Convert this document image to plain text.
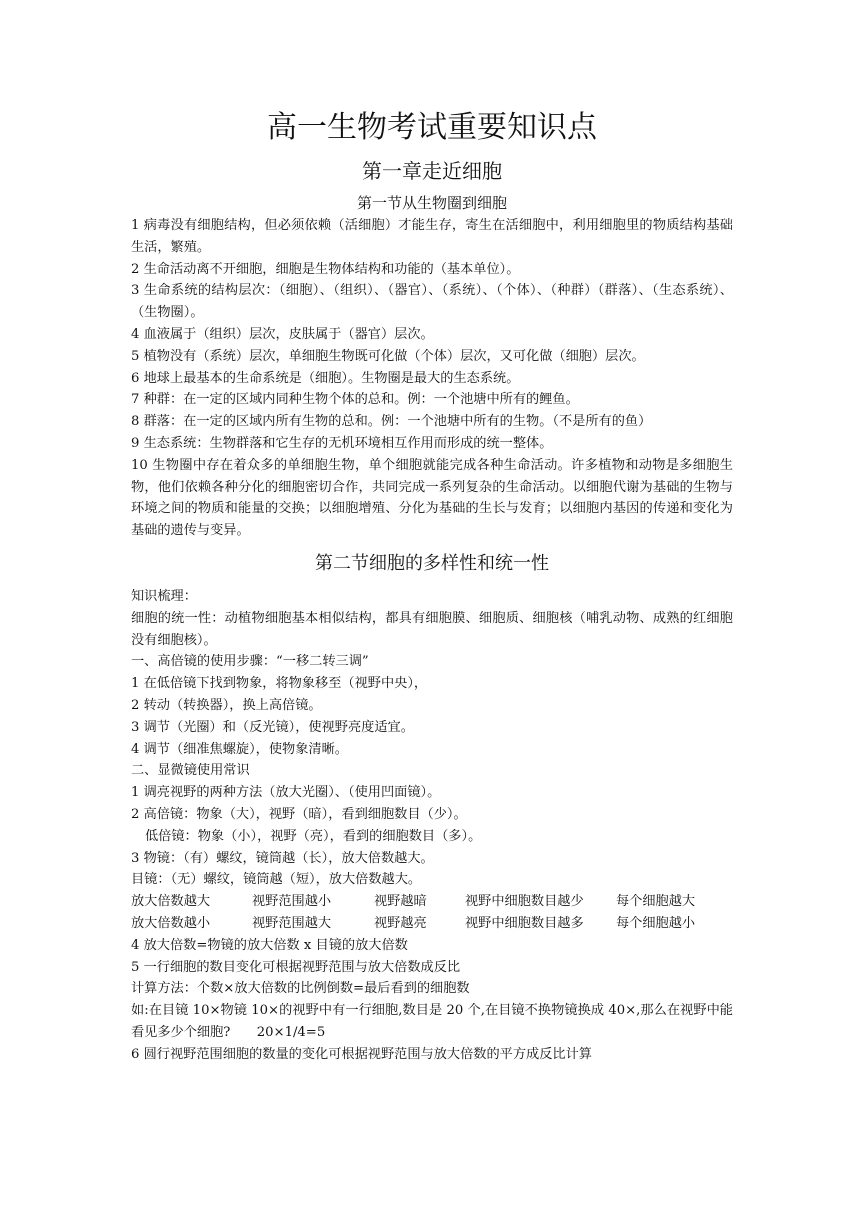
高一生物考试重要知识点
第一章走近细胞
第一节从生物圈到细胞

1 病毒没有细胞结构，但必须依赖（活细胞）才能生存，寄生在活细胞中，利用细胞里的物质结构基础生活，繁殖。

2 生命活动离不开细胞，细胞是生物体结构和功能的（基本单位）。

3 生命系统的结构层次：（细胞）、（组织）、（器官）、（系统）、（个体）、（种群）（群落）、（生态系统）、（生物圈）。

4 血液属于（组织）层次，皮肤属于（器官）层次。

5 植物没有（系统）层次，单细胞生物既可化做（个体）层次，又可化做（细胞）层次。

6 地球上最基本的生命系统是（细胞）。生物圈是最大的生态系统。

7 种群：在一定的区域内同种生物个体的总和。例：一个池塘中所有的鲤鱼。

8 群落：在一定的区域内所有生物的总和。例：一个池塘中所有的生物。（不是所有的鱼）

9 生态系统：生物群落和它生存的无机环境相互作用而形成的统一整体。

10 生物圈中存在着众多的单细胞生物，单个细胞就能完成各种生命活动。许多植物和动物是多细胞生物，他们依赖各种分化的细胞密切合作，共同完成一系列复杂的生命活动。以细胞代谢为基础的生物与环境之间的物质和能量的交换；以细胞增殖、分化为基础的生长与发育；以细胞内基因的传递和变化为基础的遗传与变异。

第二节细胞的多样性和统一性

知识梳理：

细胞的统一性：动植物细胞基本相似结构，都具有细胞膜、细胞质、细胞核（哺乳动物、成熟的红细胞没有细胞核）。

一、高倍镜的使用步骤：“一移二转三调”

1 在低倍镜下找到物象，将物象移至（视野中央），

2 转动（转换器），换上高倍镜。

3 调节（光圈）和（反光镜），使视野亮度适宜。

4 调节（细准焦螺旋），使物象清晰。

二、显微镜使用常识

1 调亮视野的两种方法（放大光圈）、（使用凹面镜）。

2 高倍镜：物象（大），视野（暗），看到细胞数目（少）。

低倍镜：物象（小），视野（亮），看到的细胞数目（多）。

3 物镜：（有）螺纹，镜筒越（长），放大倍数越大。

目镜：（无）螺纹，镜筒越（短），放大倍数越大。

放大倍数越大	视野范围越小	视野越暗	视野中细胞数目越少	每个细胞越大
放大倍数越小	视野范围越大	视野越亮	视野中细胞数目越多	每个细胞越小

4 放大倍数=物镜的放大倍数 x 目镜的放大倍数

5 一行细胞的数目变化可根据视野范围与放大倍数成反比

计算方法：个数×放大倍数的比例倒数=最后看到的细胞数

如:在目镜 10×物镜 10×的视野中有一行细胞,数目是 20 个,在目镜不换物镜换成 40×,那么在视野中能看见多少个细胞?　　20×1/4=5

6 圆行视野范围细胞的数量的变化可根据视野范围与放大倍数的平方成反比计算
